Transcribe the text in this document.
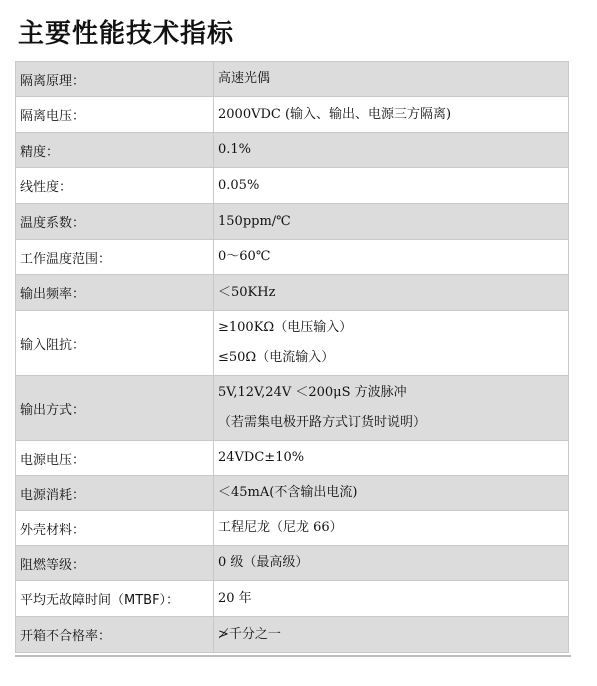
主要性能技术指标
隔离原理：	高速光偶

隔离电压：	2000VDC (输入、输出、电源三方隔离)

精度：	0.1%

线性度：	0.05%

温度系数：	150ppm/℃

工作温度范围：	0～60℃

输出频率：	＜50KHz

输入阻抗：	≥100KΩ（电压输入）
≤50Ω（电流输入）

输出方式：	5V,12V,24V ＜200μS 方波脉冲
（若需集电极开路方式订货时说明）

电源电压：	24VDC±10%

电源消耗：	＜45mA(不含输出电流)

外壳材料：	工程尼龙（尼龙 66）

阻燃等级：	0 级（最高级）

平均无故障时间（MTBF）：	20 年

开箱不合格率：	≯千分之一
